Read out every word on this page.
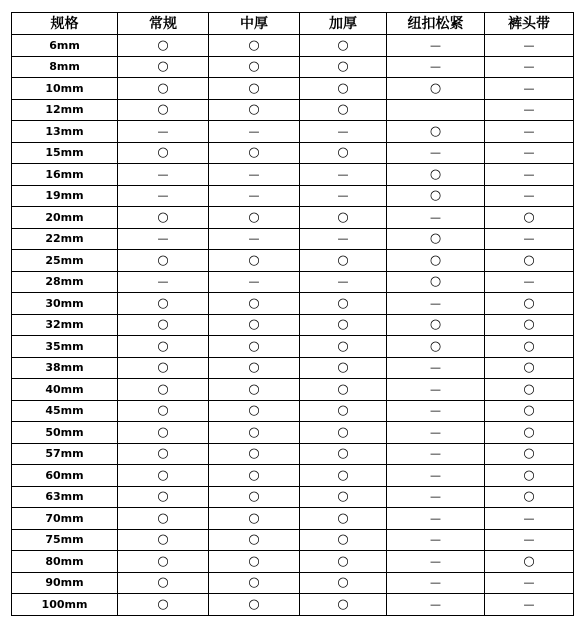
规格	常规	中厚	加厚	纽扣松紧	裤头带
6mm	○	○	○	—	—
8mm	○	○	○	—	—
10mm	○	○	○	○	—
12mm	○	○	○		—
13mm	—	—	—	○	—
15mm	○	○	○	—	—
16mm	—	—	—	○	—
19mm	—	—	—	○	—
20mm	○	○	○	—	○
22mm	—	—	—	○	—
25mm	○	○	○	○	○
28mm	—	—	—	○	—
30mm	○	○	○	—	○
32mm	○	○	○	○	○
35mm	○	○	○	○	○
38mm	○	○	○	—	○
40mm	○	○	○	—	○
45mm	○	○	○	—	○
50mm	○	○	○	—	○
57mm	○	○	○	—	○
60mm	○	○	○	—	○
63mm	○	○	○	—	○
70mm	○	○	○	—	—
75mm	○	○	○	—	—
80mm	○	○	○	—	○
90mm	○	○	○	—	—
100mm	○	○	○	—	—
